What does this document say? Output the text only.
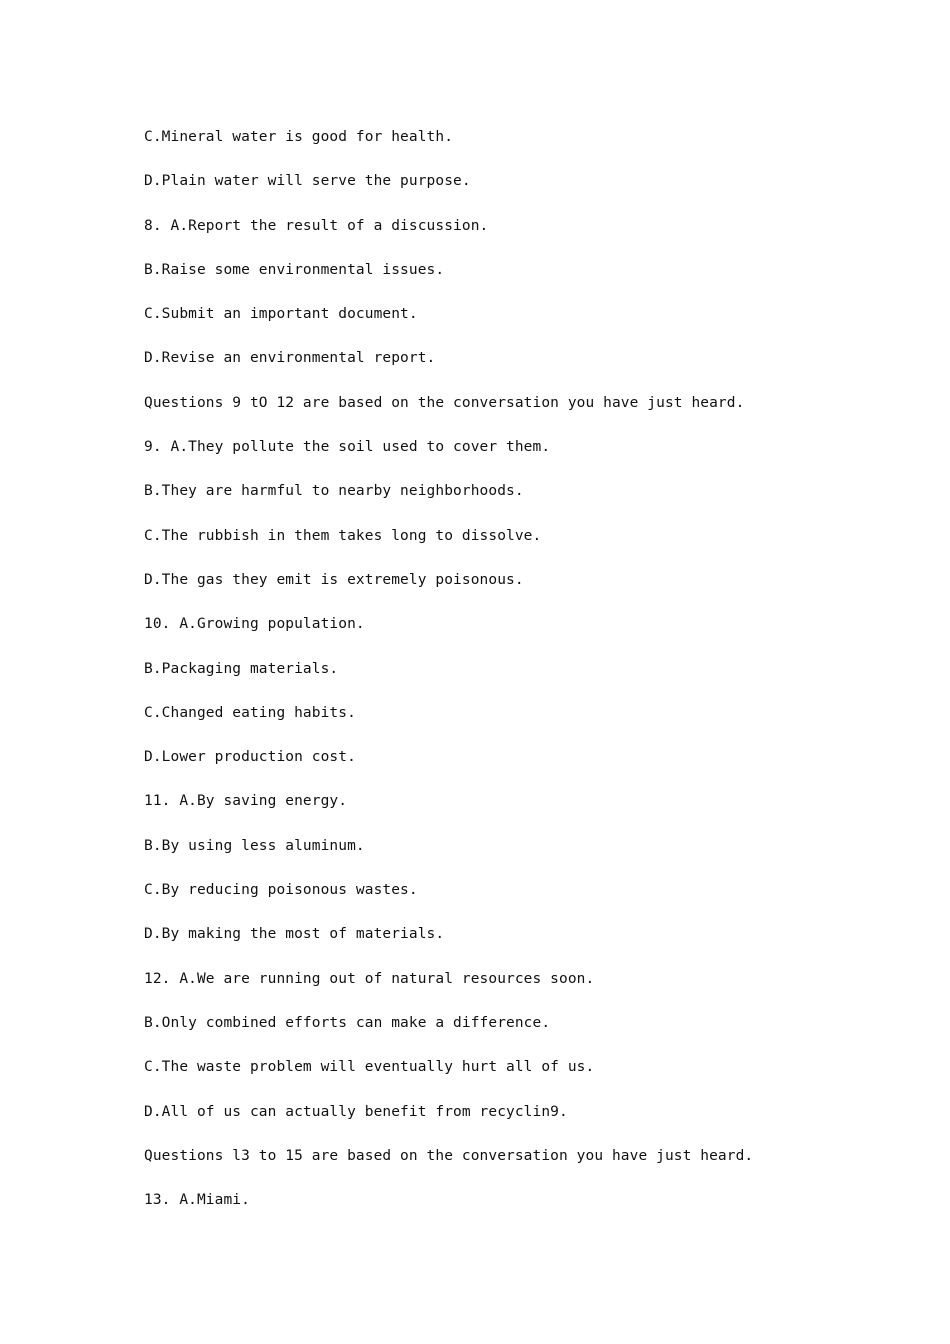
C.Mineral water is good for health.
D.Plain water will serve the purpose.
8. A.Report the result of a discussion.
B.Raise some environmental issues.
C.Submit an important document.
D.Revise an environmental report.
Questions 9 tO 12 are based on the conversation you have just heard.
9. A.They pollute the soil used to cover them.
B.They are harmful to nearby neighborhoods.
C.The rubbish in them takes long to dissolve.
D.The gas they emit is extremely poisonous.
10. A.Growing population.
B.Packaging materials.
C.Changed eating habits.
D.Lower production cost.
11. A.By saving energy.
B.By using less aluminum.
C.By reducing poisonous wastes.
D.By making the most of materials.
12. A.We are running out of natural resources soon.
B.Only combined efforts can make a difference.
C.The waste problem will eventually hurt all of us.
D.All of us can actually benefit from recyclin9.
Questions l3 to 15 are based on the conversation you have just heard.
13. A.Miami.
